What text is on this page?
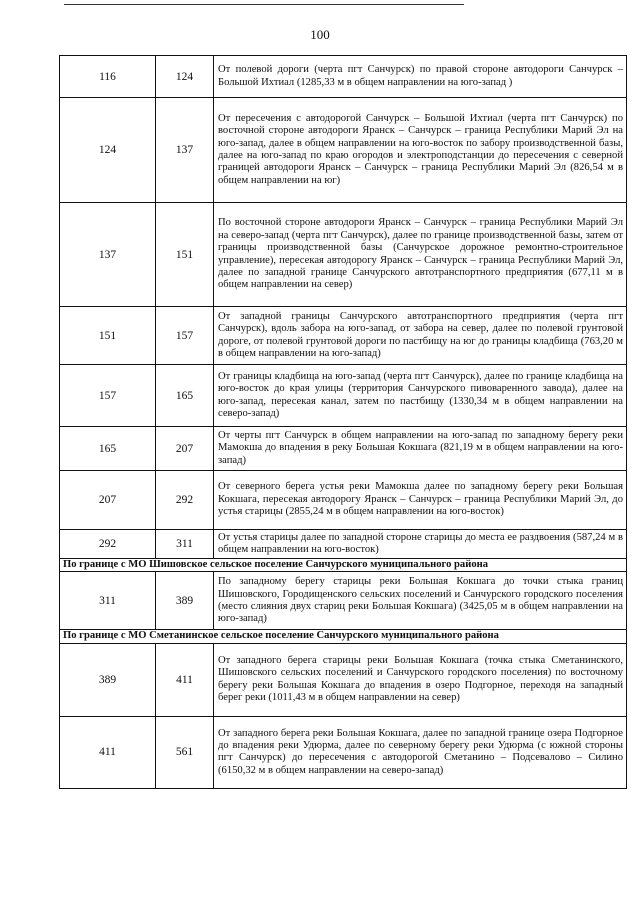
100
116	124	От полевой дороги (черта пгт Санчурск) по правой стороне автодороги Санчурск – Большой Ихтиал (1285,33 м в общем направлении на юго-запад )
124	137	От пересечения с автодорогой Санчурск – Большой Ихтиал (черта пгт Санчурск) по восточной стороне автодороги Яранск – Санчурск – граница Республики Марий Эл на юго-запад, далее в общем направлении на юго-восток по забору производственной базы, далее на юго-запад по краю огородов и электроподстанции до пересечения с северной границей автодороги Яранск – Санчурск – граница Республики Марий Эл (826,54 м в общем направлении на юг)
137	151	По восточной стороне автодороги Яранск – Санчурск – граница Республики Марий Эл на северо-запад (черта пгт Санчурск), далее по границе производственной базы, затем от границы производственной базы (Санчурское дорожное ремонтно-строительное управление), пересекая автодорогу Яранск – Санчурск – граница Республики Марий Эл, далее по западной границе Санчурского автотранспортного предприятия (677,11 м в общем направлении на север)
151	157	От западной границы Санчурского автотранспортного предприятия (черта пгт Санчурск), вдоль забора на юго-запад, от забора на север, далее по полевой грунтовой дороге, от полевой грунтовой дороги по пастбищу на юг до границы кладбища (763,20 м в общем направлении на юго-запад)
157	165	От границы кладбища на юго-запад (черта пгт Санчурск), далее по границе кладбища на юго-восток до края улицы (территория Санчурского пивоваренного завода), далее на юго-запад, пересекая канал, затем по пастбищу (1330,34 м в общем направлении на северо-запад)
165	207	От черты пгт Санчурск в общем направлении на юго-запад по западному берегу реки Мамокша до впадения в реку Большая Кокшага (821,19 м в общем направлении на юго-запад)
207	292	От северного берега устья реки Мамокша далее по западному берегу реки Большая Кокшага, пересекая автодорогу Яранск – Санчурск – граница Республики Марий Эл, до устья старицы (2855,24 м в общем направлении на юго-восток)
292	311	От устья старицы далее по западной стороне старицы до места ее раздвоения (587,24 м в общем направлении на юго-восток)
По границе с МО Шишовское сельское поселение Санчурского муниципального района		
311	389	По западному берегу старицы реки Большая Кокшага до точки стыка границ Шишовского, Городищенского сельских поселений и Санчурского городского поселения (место слияния двух стариц реки Большая Кокшага) (3425,05 м в общем направлении на юго-запад)
По границе с МО Сметанинское сельское поселение Санчурского муниципального района		
389	411	От западного берега старицы реки Большая Кокшага (точка стыка Сметанинского, Шишовского сельских поселений и Санчурского городского поселения) по восточному берегу реки Большая Кокшага до впадения в озеро Подгорное, переходя на западный берег реки (1011,43 м в общем направлении на север)
411	561	От западного берега реки Большая Кокшага, далее по западной границе озера Подгорное до впадения реки Удюрма, далее по северному берегу реки Удюрма (с южной стороны пгт Санчурск) до пересечения с автодорогой Сметанино – Подсевалово – Силино (6150,32 м в общем направлении на северо-запад)
